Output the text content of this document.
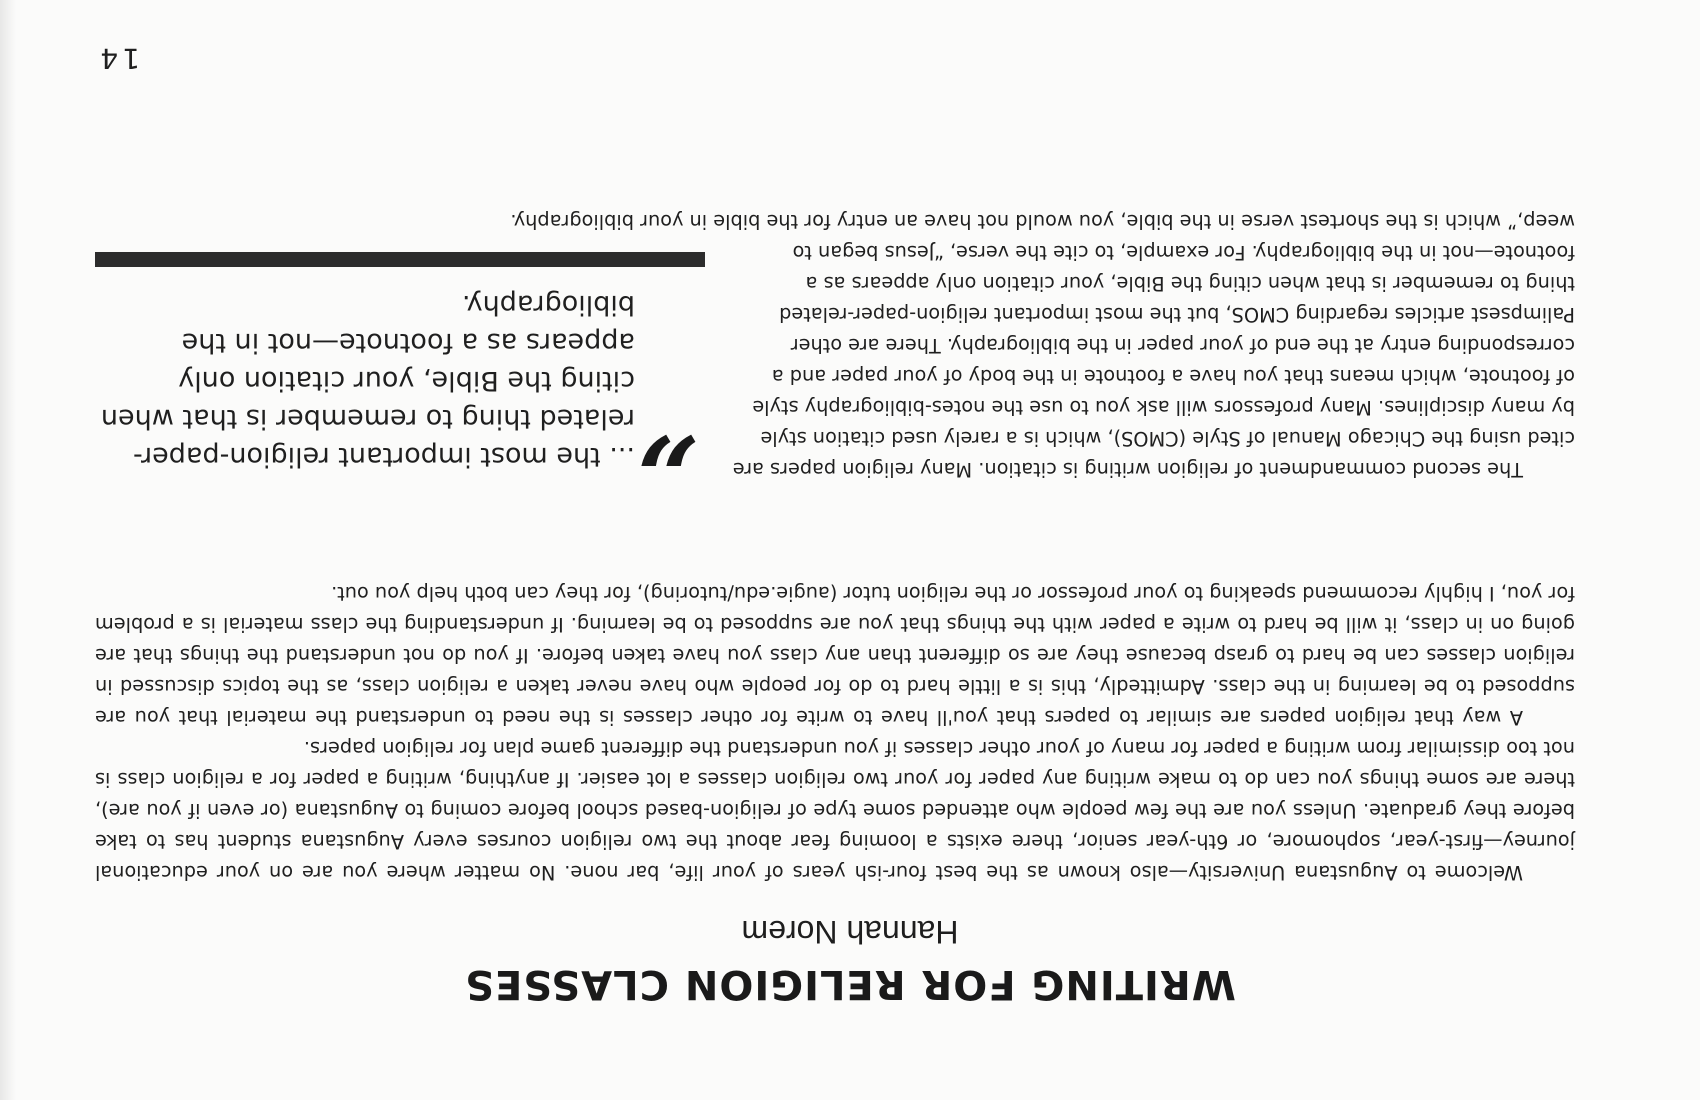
WRITING FOR RELIGION CLASSES
Hannah Norem

Welcome to Augustana University—also known as the best four-ish years of your life, bar none. No matter where you are on your educational journey—first-year, sophomore, or 6th-year senior, there exists a looming fear about the two religion courses every Augustana student has to take before they graduate. Unless you are the few people who attended some type of religion-based school before coming to Augustana (or even if you are), there are some things you can do to make writing any paper for your two religion classes a lot easier. If anything, writing a paper for a religion class is not too dissimilar from writing a paper for many of your other classes if you understand the different game plan for religion papers.

A way that religion papers are similar to papers that you'll have to write for other classes is the need to understand the material that you are supposed to be learning in the class. Admittedly, this is a little hard to do for people who have never taken a religion class, as the topics discussed in religion classes can be hard to grasp because they are so different than any class you have taken before. If you do not understand the things that are going on in class, it will be hard to write a paper with the things that you are supposed to be learning. If understanding the class material is a problem for you, I highly recommend speaking to your professor or the religion tutor (augie.edu/tutoring), for they can both help you out.

”
... the most important religion-paper-related thing to remember is that when citing the Bible, your citation only appears as a footnote—not in the bibliography.

The second commandment of religion writing is citation. Many religion papers are cited using the Chicago Manual of Style (CMOS), which is a rarely used citation style by many disciplines. Many professors will ask you to use the notes-bibliography style of footnote, which means that you have a footnote in the body of your paper and a corresponding entry at the end of your paper in the bibliography. There are other Palimpsest articles regarding CMOS, but the most important religion-paper-related thing to remember is that when citing the Bible, your citation only appears as a footnote—not in the bibliography. For example, to cite the verse, “Jesus began to weep,” which is the shortest verse in the bible, you would not have an entry for the bible in your bibliography.

14
